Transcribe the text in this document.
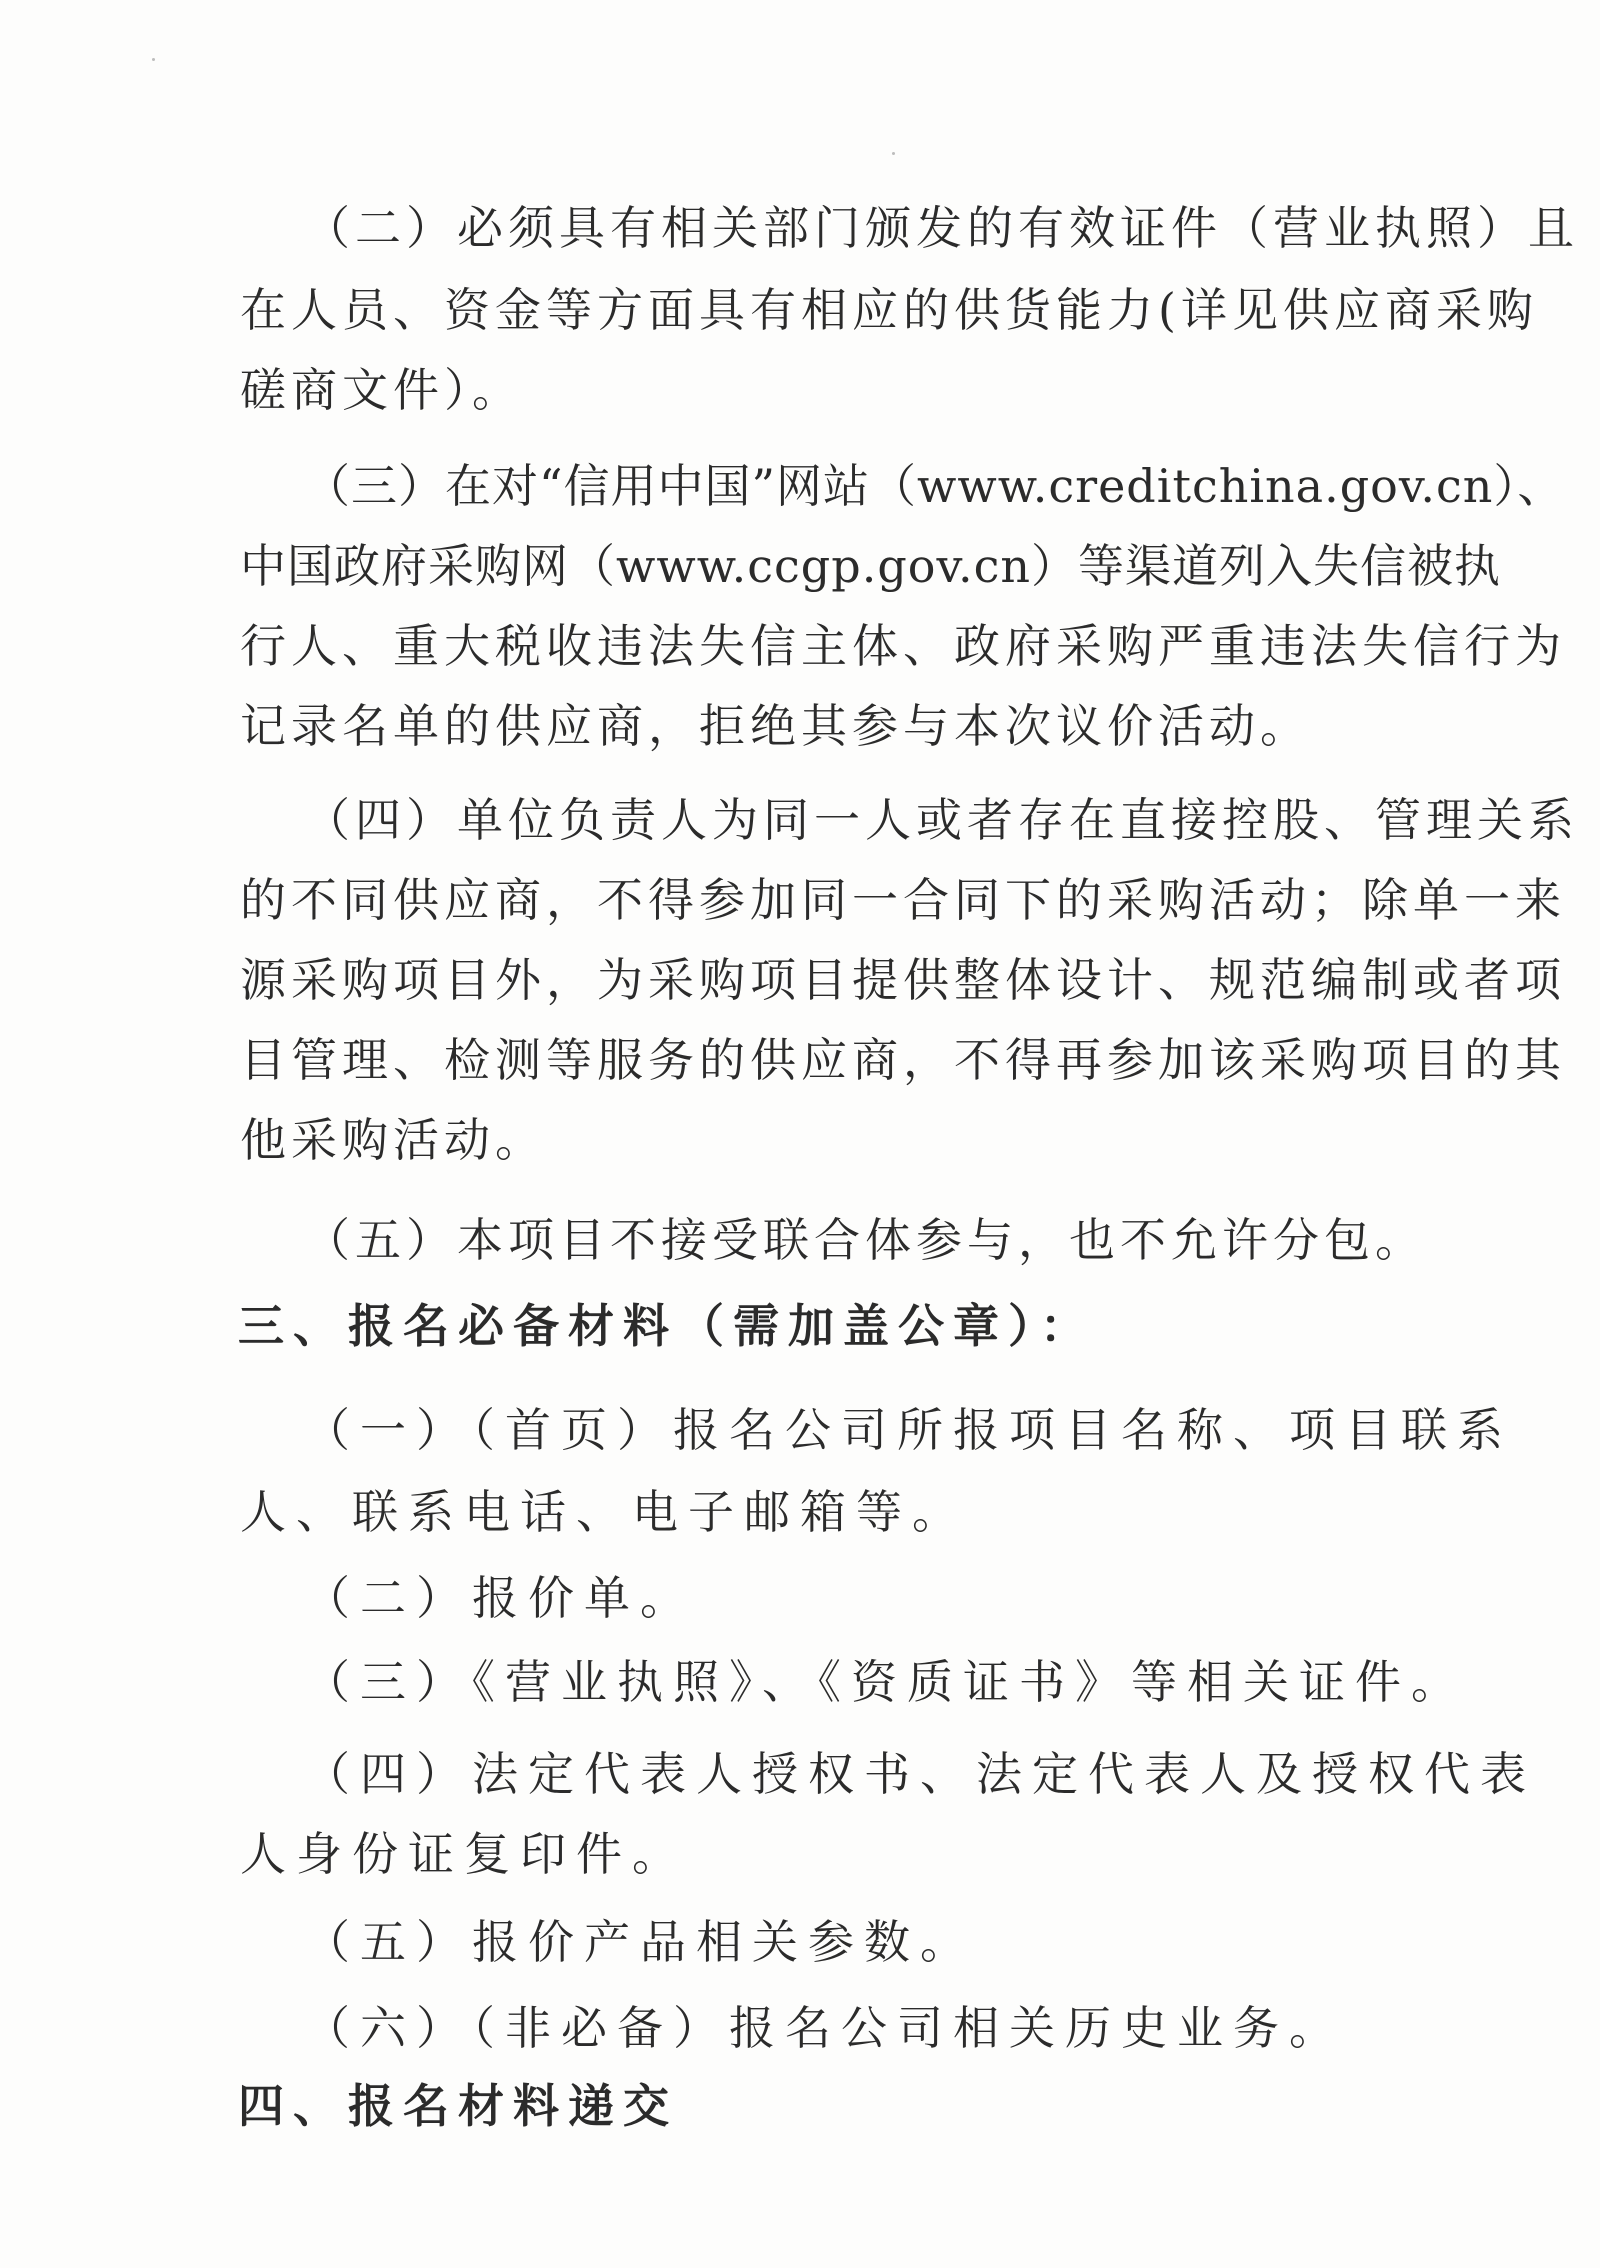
（二）必须具有相关部门颁发的有效证件（营业执照）且
在人员、资金等方面具有相应的供货能力(详见供应商采购
磋商文件）。
（三）在对“信用中国”网站（www.creditchina.gov.cn）、
中国政府采购网（www.ccgp.gov.cn）等渠道列入失信被执
行人、重大税收违法失信主体、政府采购严重违法失信行为
记录名单的供应商，拒绝其参与本次议价活动。
（四）单位负责人为同一人或者存在直接控股、管理关系
的不同供应商，不得参加同一合同下的采购活动；除单一来
源采购项目外，为采购项目提供整体设计、规范编制或者项
目管理、检测等服务的供应商，不得再参加该采购项目的其
他采购活动。
（五）本项目不接受联合体参与，也不允许分包。
三、报名必备材料（需加盖公章）：
（一）（首页）报名公司所报项目名称、项目联系
人、联系电话、电子邮箱等。
（二）报价单。
（三）《营业执照》、《资质证书》等相关证件。
（四）法定代表人授权书、法定代表人及授权代表
人身份证复印件。
（五）报价产品相关参数。
（六）（非必备）报名公司相关历史业务。
四、报名材料递交
